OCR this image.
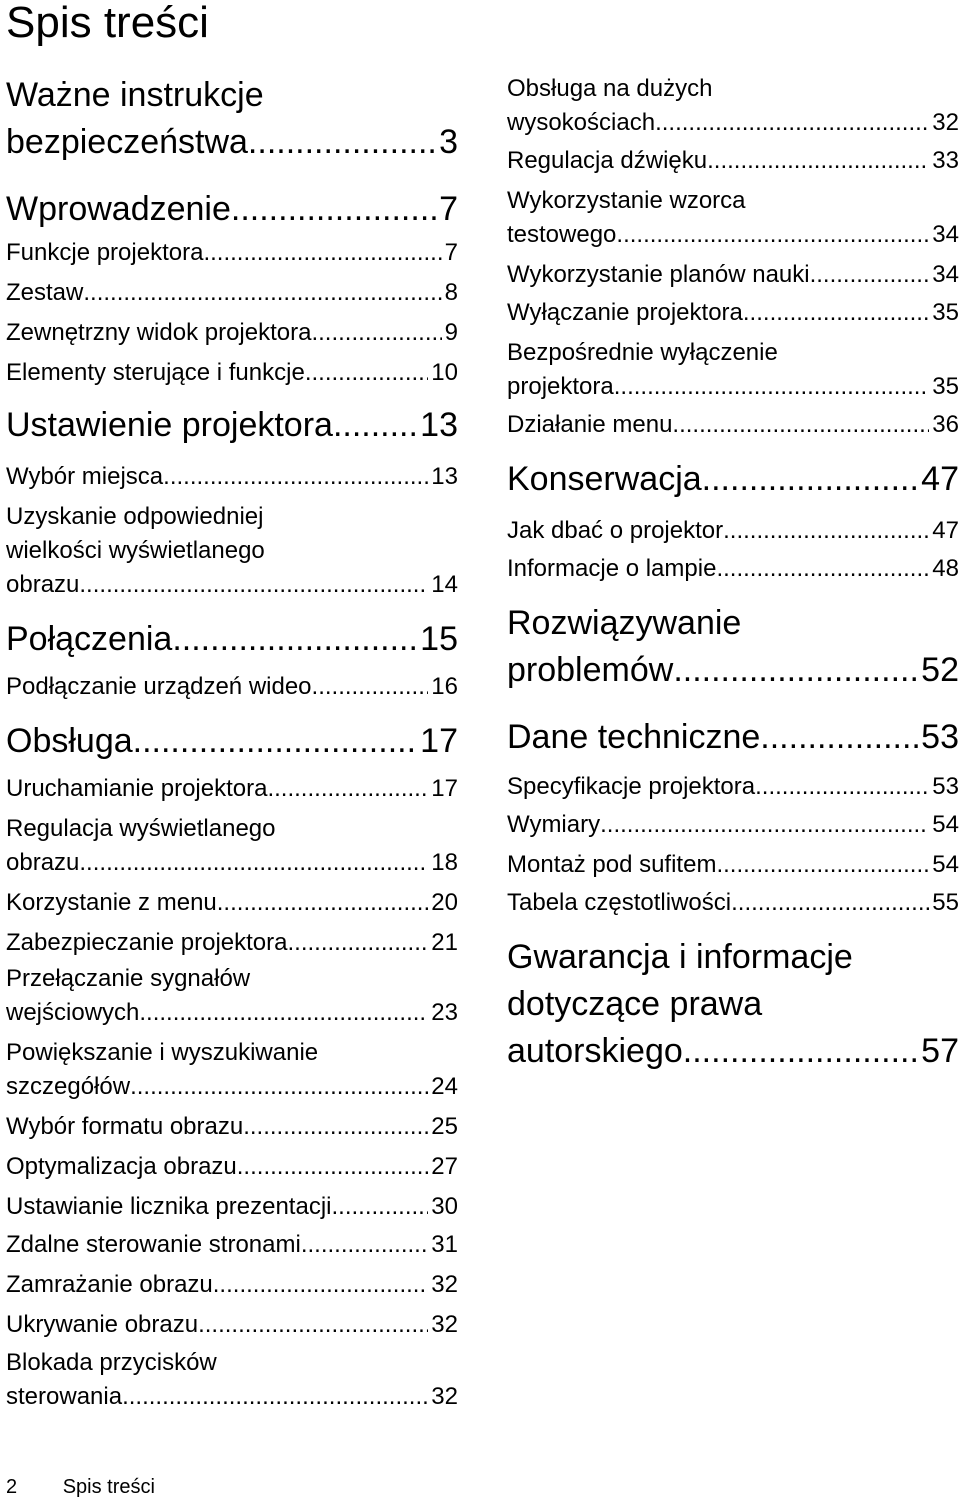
Spis treści
Ważne instrukcje
bezpieczeństwa .....	3
Wprowadzenie .....	7
Funkcje projektora .....	7
Zestaw .....	8
Zewnętrzny widok projektora .....	9
Elementy sterujące i funkcje .....	10
Ustawienie projektora .....	13
Wybór miejsca .....	13
Uzyskanie odpowiedniej
wielkości wyświetlanego
obrazu .....	14
Połączenia .....	15
Podłączanie urządzeń wideo .....	16
Obsługa .....	17
Uruchamianie projektora .....	17
Regulacja wyświetlanego
obrazu .....	18
Korzystanie z menu .....	20
Zabezpieczanie projektora .....	21
Przełączanie sygnałów
wejściowych .....	23
Powiększanie i wyszukiwanie
szczegółów .....	24
Wybór formatu obrazu .....	25
Optymalizacja obrazu .....	27
Ustawianie licznika prezentacji .....	30
Zdalne sterowanie stronami .....	31
Zamrażanie obrazu .....	32
Ukrywanie obrazu .....	32
Blokada przycisków
sterowania .....	32
Obsługa na dużych
wysokościach .....	32
Regulacja dźwięku .....	33
Wykorzystanie wzorca
testowego .....	34
Wykorzystanie planów nauki .....	34
Wyłączanie projektora .....	35
Bezpośrednie wyłączenie
projektora .....	35
Działanie menu .....	36
Konserwacja .....	47
Jak dbać o projektor .....	47
Informacje o lampie .....	48
Rozwiązywanie
problemów .....	52
Dane techniczne .....	53
Specyfikacje projektora .....	53
Wymiary .....	54
Montaż pod sufitem .....	54
Tabela częstotliwości .....	55
Gwarancja i informacje
dotyczące prawa
autorskiego .....	57
2 Spis treści
